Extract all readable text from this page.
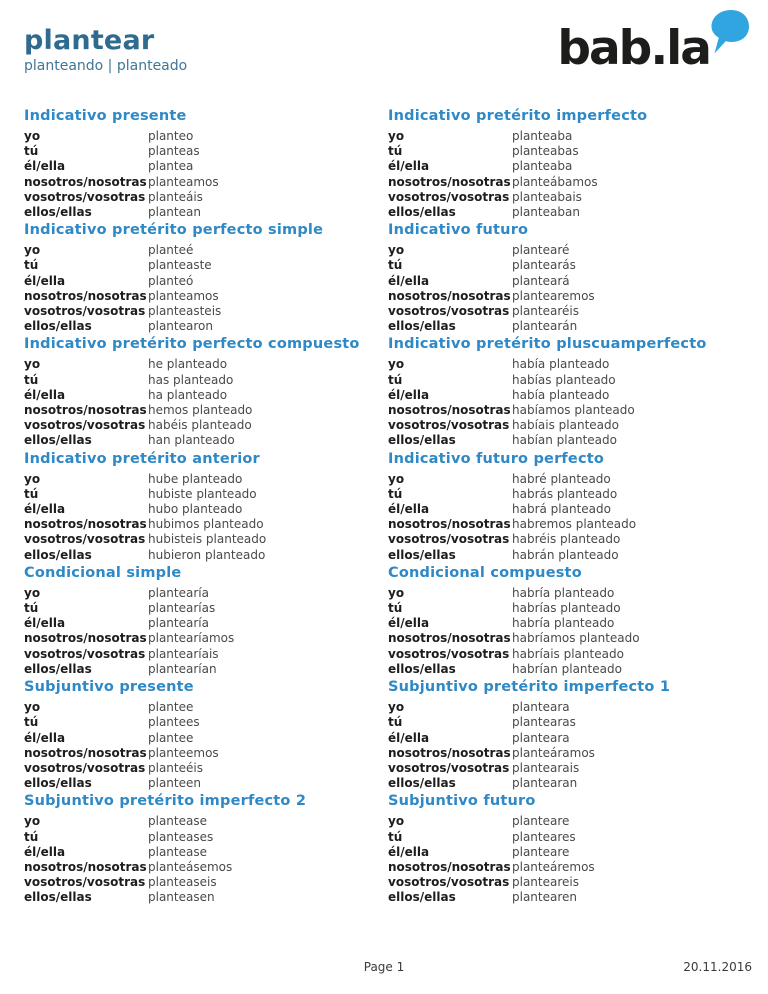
plantear
planteando | planteado	bab.la
Indicativo presente
yo	planteo
tú	planteas
él/ella	plantea
nosotros/nosotras planteamos
vosotros/vosotras planteáis
ellos/ellas	plantean
Indicativo pretérito imperfecto
yo	planteaba
tú	planteabas
él/ella	planteaba
nosotros/nosotras planteábamos
vosotros/vosotras planteabais
ellos/ellas	planteaban
Indicativo pretérito perfecto simple
yo	planteé
tú	planteaste
él/ella	planteó
nosotros/nosotras planteamos
vosotros/vosotras planteasteis
ellos/ellas	plantearon
Indicativo futuro
yo	plantearé
tú	plantearás
él/ella	planteará
nosotros/nosotras plantearemos
vosotros/vosotras plantearéis
ellos/ellas	plantearán
Indicativo pretérito perfecto compuesto
yo	he planteado
tú	has planteado
él/ella	ha planteado
nosotros/nosotras hemos planteado
vosotros/vosotras habéis planteado
ellos/ellas	han planteado
Indicativo pretérito pluscuamperfecto
yo	había planteado
tú	habías planteado
él/ella	había planteado
nosotros/nosotras habíamos planteado
vosotros/vosotras habíais planteado
ellos/ellas	habían planteado
Indicativo pretérito anterior
yo	hube planteado
tú	hubiste planteado
él/ella	hubo planteado
nosotros/nosotras hubimos planteado
vosotros/vosotras hubisteis planteado
ellos/ellas	hubieron planteado
Indicativo futuro perfecto
yo	habré planteado
tú	habrás planteado
él/ella	habrá planteado
nosotros/nosotras habremos planteado
vosotros/vosotras habréis planteado
ellos/ellas	habrán planteado
Condicional simple
yo	plantearía
tú	plantearías
él/ella	plantearía
nosotros/nosotras plantearíamos
vosotros/vosotras plantearíais
ellos/ellas	plantearían
Condicional compuesto
yo	habría planteado
tú	habrías planteado
él/ella	habría planteado
nosotros/nosotras habríamos planteado
vosotros/vosotras habríais planteado
ellos/ellas	habrían planteado
Subjuntivo presente
yo	plantee
tú	plantees
él/ella	plantee
nosotros/nosotras planteemos
vosotros/vosotras planteéis
ellos/ellas	planteen
Subjuntivo pretérito imperfecto 1
yo	planteara
tú	plantearas
él/ella	planteara
nosotros/nosotras planteáramos
vosotros/vosotras plantearais
ellos/ellas	plantearan
Subjuntivo pretérito imperfecto 2
yo	plantease
tú	planteases
él/ella	plantease
nosotros/nosotras planteásemos
vosotros/vosotras planteaseis
ellos/ellas	planteasen
Subjuntivo futuro
yo	planteare
tú	planteares
él/ella	planteare
nosotros/nosotras planteáremos
vosotros/vosotras planteareis
ellos/ellas	plantearen
Page 1	20.11.2016
